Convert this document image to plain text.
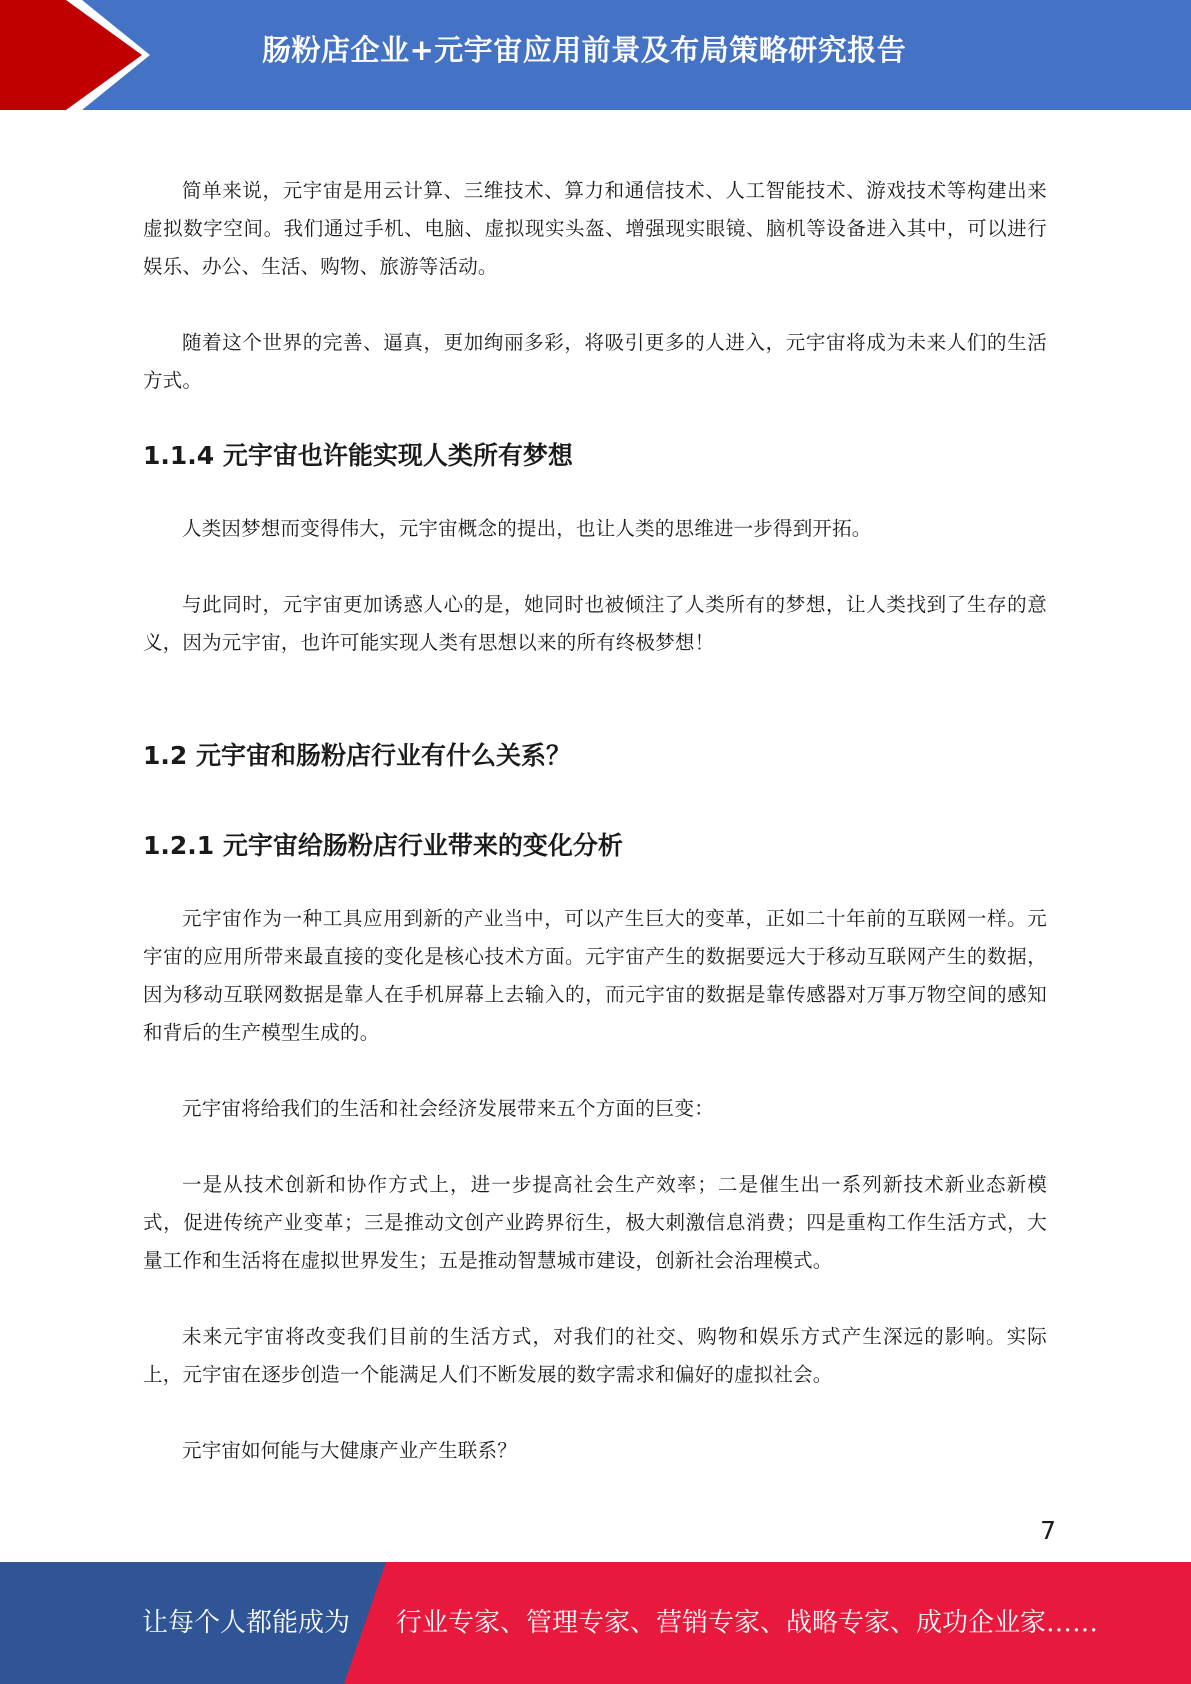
肠粉店企业+元宇宙应用前景及布局策略研究报告

简单来说，元宇宙是用云计算、三维技术、算力和通信技术、人工智能技术、游戏技术等构建出来虚拟数字空间。我们通过手机、电脑、虚拟现实头盔、增强现实眼镜、脑机等设备进入其中，可以进行娱乐、办公、生活、购物、旅游等活动。

随着这个世界的完善、逼真，更加绚丽多彩，将吸引更多的人进入，元宇宙将成为未来人们的生活方式。

1.1.4 元宇宙也许能实现人类所有梦想

人类因梦想而变得伟大，元宇宙概念的提出，也让人类的思维进一步得到开拓。

与此同时，元宇宙更加诱惑人心的是，她同时也被倾注了人类所有的梦想，让人类找到了生存的意义，因为元宇宙，也许可能实现人类有思想以来的所有终极梦想！

1.2 元宇宙和肠粉店行业有什么关系？
1.2.1 元宇宙给肠粉店行业带来的变化分析

元宇宙作为一种工具应用到新的产业当中，可以产生巨大的变革，正如二十年前的互联网一样。元宇宙的应用所带来最直接的变化是核心技术方面。元宇宙产生的数据要远大于移动互联网产生的数据，因为移动互联网数据是靠人在手机屏幕上去输入的，而元宇宙的数据是靠传感器对万事万物空间的感知和背后的生产模型生成的。

元宇宙将给我们的生活和社会经济发展带来五个方面的巨变：

一是从技术创新和协作方式上，进一步提高社会生产效率；二是催生出一系列新技术新业态新模式，促进传统产业变革；三是推动文创产业跨界衍生，极大刺激信息消费；四是重构工作生活方式，大量工作和生活将在虚拟世界发生；五是推动智慧城市建设，创新社会治理模式。

未来元宇宙将改变我们目前的生活方式，对我们的社交、购物和娱乐方式产生深远的影响。实际上，元宇宙在逐步创造一个能满足人们不断发展的数字需求和偏好的虚拟社会。

元宇宙如何能与大健康产业产生联系？

7
让每个人都能成为 行业专家、管理专家、营销专家、战略专家、成功企业家……
